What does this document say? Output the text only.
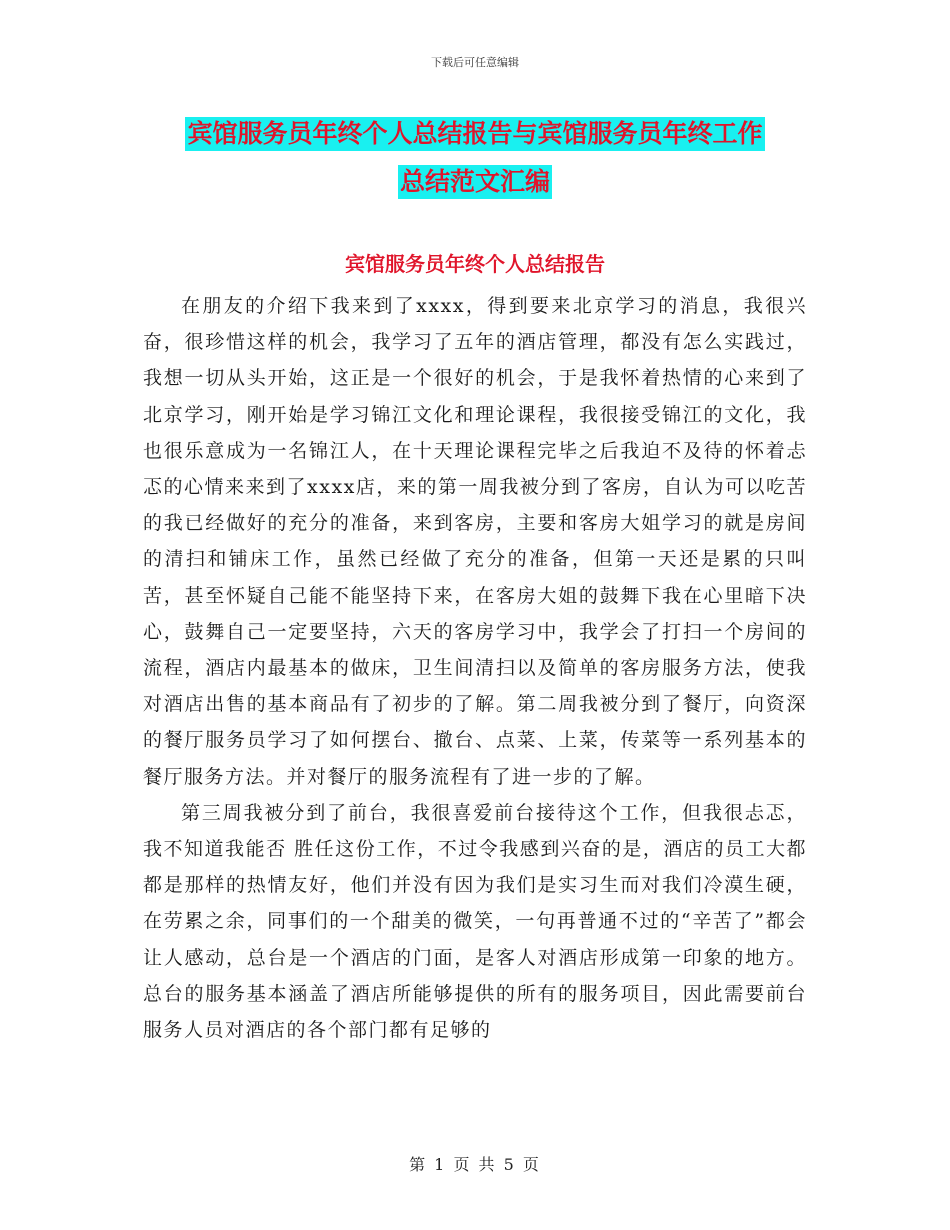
下载后可任意编辑
宾馆服务员年终个人总结报告与宾馆服务员年终工作
总结范文汇编
宾馆服务员年终个人总结报告

在朋友的介绍下我来到了xxxx，得到要来北京学习的消息，我很兴奋，很珍惜这样的机会，我学习了五年的酒店管理，都没有怎么实践过，我想一切从头开始，这正是一个很好的机会，于是我怀着热情的心来到了北京学习，刚开始是学习锦江文化和理论课程，我很接受锦江的文化，我也很乐意成为一名锦江人，在十天理论课程完毕之后我迫不及待的怀着忐忑的心情来来到了xxxx店，来的第一周我被分到了客房，自认为可以吃苦的我已经做好的充分的准备，来到客房，主要和客房大姐学习的就是房间的清扫和铺床工作，虽然已经做了充分的准备，但第一天还是累的只叫苦，甚至怀疑自己能不能坚持下来，在客房大姐的鼓舞下我在心里暗下决心，鼓舞自己一定要坚持，六天的客房学习中，我学会了打扫一个房间的流程，酒店内最基本的做床，卫生间清扫以及简单的客房服务方法，使我对酒店出售的基本商品有了初步的了解。第二周我被分到了餐厅，向资深的餐厅服务员学习了如何摆台、撤台、点菜、上菜，传菜等一系列基本的餐厅服务方法。并对餐厅的服务流程有了进一步的了解。

第三周我被分到了前台，我很喜爱前台接待这个工作，但我很忐忑，我不知道我能否 胜任这份工作，不过令我感到兴奋的是，酒店的员工大都都是那样的热情友好，他们并没有因为我们是实习生而对我们冷漠生硬，在劳累之余，同事们的一个甜美的微笑，一句再普通不过的“辛苦了”都会让人感动，总台是一个酒店的门面，是客人对酒店形成第一印象的地方。总台的服务基本涵盖了酒店所能够提供的所有的服务项目，因此需要前台服务人员对酒店的各个部门都有足够的

第 1 页 共 5 页
